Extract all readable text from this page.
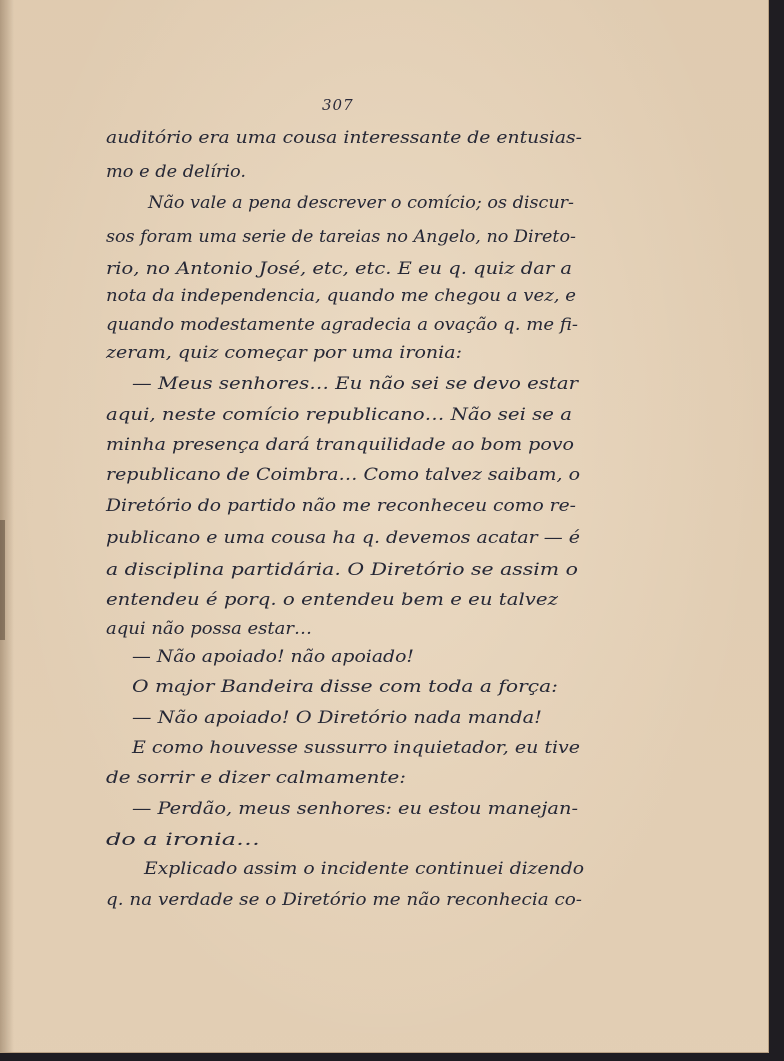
307
auditório era uma cousa interessante de entusias-
mo e de delírio.
Não vale a pena descrever o comício; os discur-
sos foram uma serie de tareias no Angelo, no Direto-
rio, no Antonio José, etc, etc. E eu q. quiz dar a
nota da independencia, quando me chegou a vez, e
quando modestamente agradecia a ovação q. me fi-
zeram, quiz começar por uma ironia:
— Meus senhores… Eu não sei se devo estar
aqui, neste comício republicano… Não sei se a
minha presença dará tranquilidade ao bom povo
republicano de Coimbra… Como talvez saibam, o
Diretório do partido não me reconheceu como re-
publicano e uma cousa ha q. devemos acatar — é
a disciplina partidária. O Diretório se assim o
entendeu é porq. o entendeu bem e eu talvez
aqui não possa estar…
— Não apoiado! não apoiado!
O major Bandeira disse com toda a força:
— Não apoiado! O Diretório nada manda!
E como houvesse sussurro inquietador, eu tive
de sorrir e dizer calmamente:
— Perdão, meus senhores: eu estou manejan-
do a ironia…
Explicado assim o incidente continuei dizendo
q. na verdade se o Diretório me não reconhecia co-
